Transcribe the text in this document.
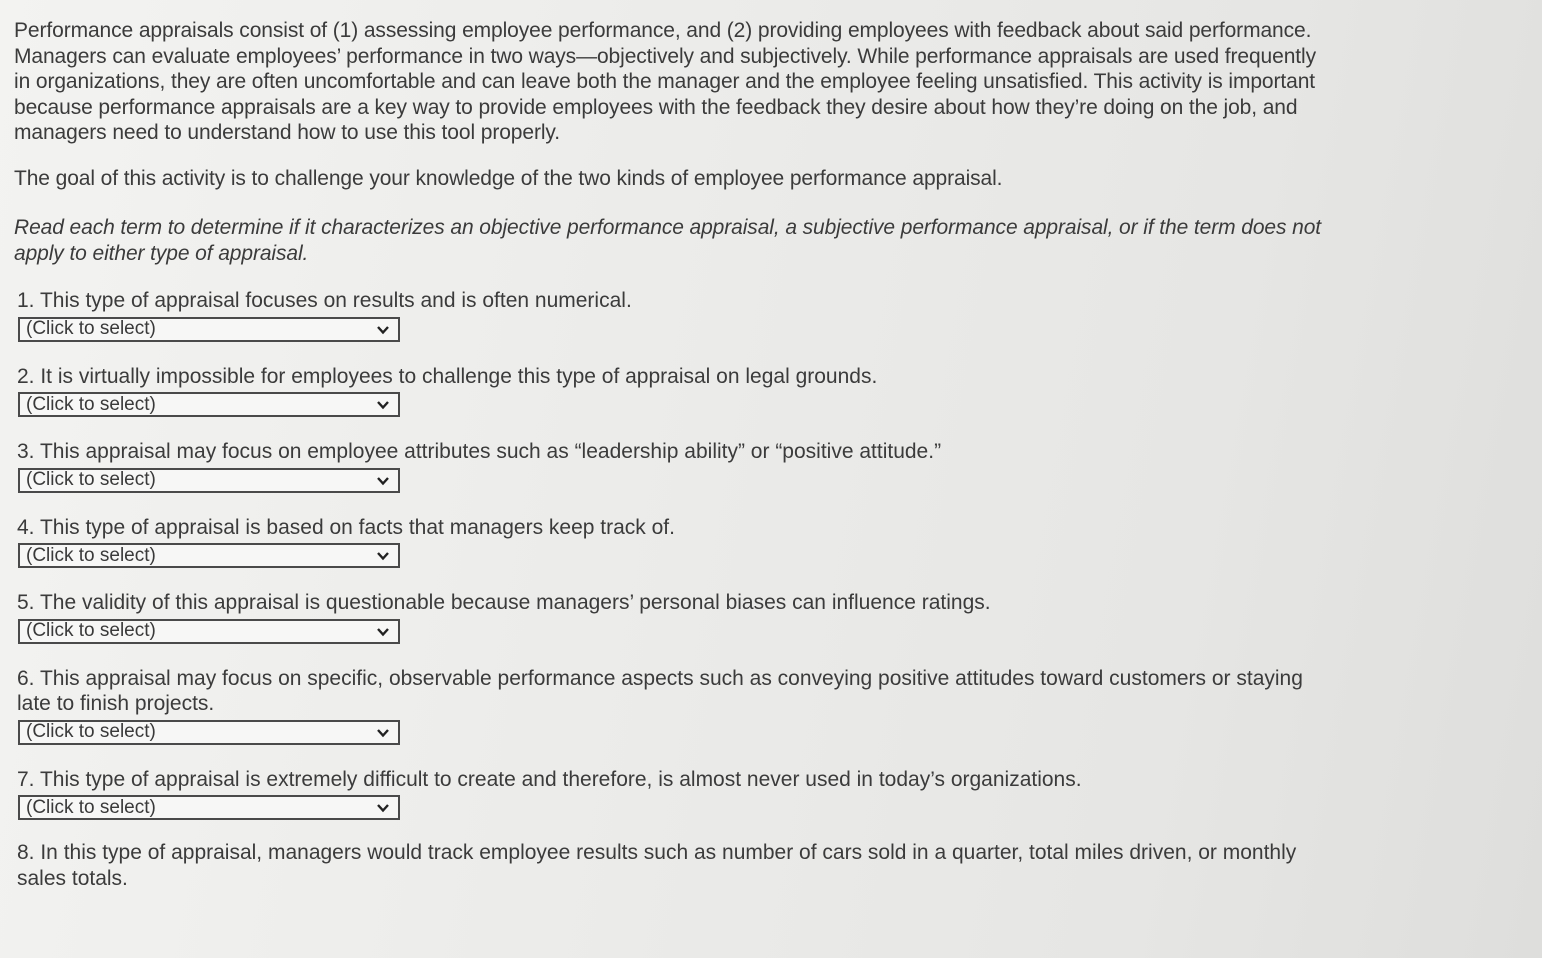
Performance appraisals consist of (1) assessing employee performance, and (2) providing employees with feedback about said performance. Managers can evaluate employees’ performance in two ways—objectively and subjectively. While performance appraisals are used frequently in organizations, they are often uncomfortable and can leave both the manager and the employee feeling unsatisfied. This activity is important because performance appraisals are a key way to provide employees with the feedback they desire about how they’re doing on the job, and managers need to understand how to use this tool properly.

The goal of this activity is to challenge your knowledge of the two kinds of employee performance appraisal.

Read each term to determine if it characterizes an objective performance appraisal, a subjective performance appraisal, or if the term does not apply to either type of appraisal.

1. This type of appraisal focuses on results and is often numerical.

(Click to select)

2. It is virtually impossible for employees to challenge this type of appraisal on legal grounds.

(Click to select)

3. This appraisal may focus on employee attributes such as “leadership ability” or “positive attitude.”

(Click to select)

4. This type of appraisal is based on facts that managers keep track of.

(Click to select)

5. The validity of this appraisal is questionable because managers’ personal biases can influence ratings.

(Click to select)

6. This appraisal may focus on specific, observable performance aspects such as conveying positive attitudes toward customers or staying late to finish projects.

(Click to select)

7. This type of appraisal is extremely difficult to create and therefore, is almost never used in today’s organizations.

(Click to select)

8. In this type of appraisal, managers would track employee results such as number of cars sold in a quarter, total miles driven, or monthly sales totals.
